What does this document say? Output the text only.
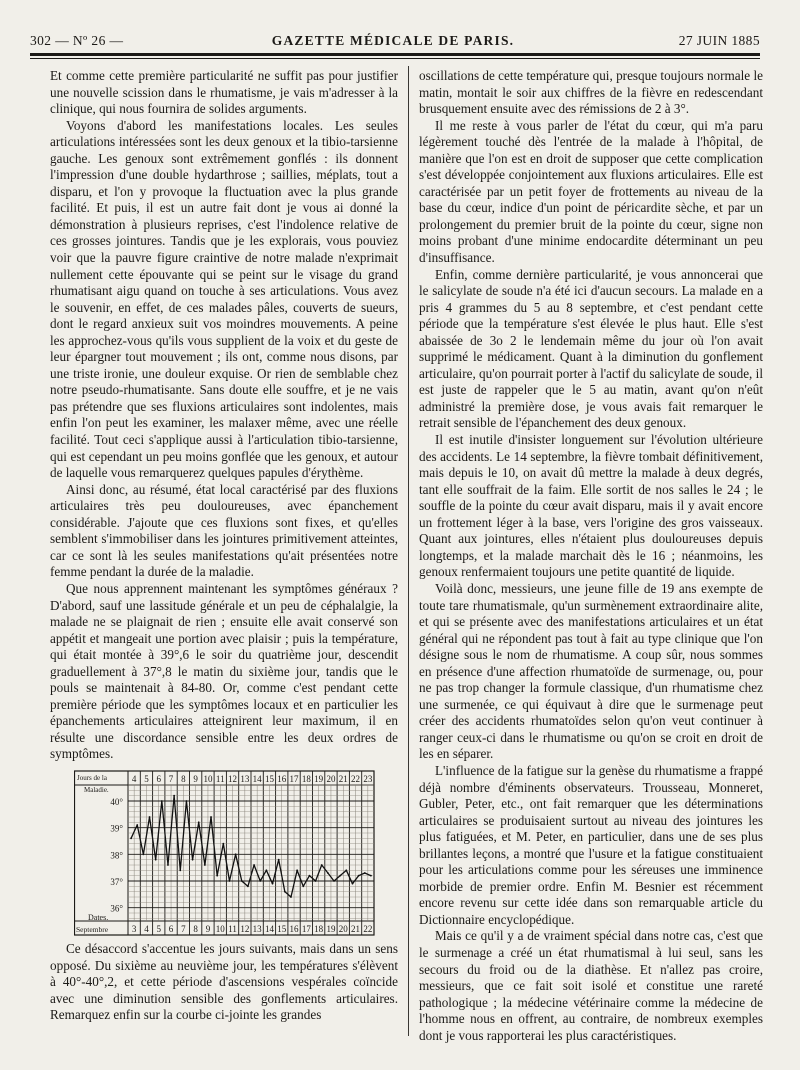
302 — Nº 26 —	GAZETTE MÉDICALE DE PARIS.	27 JUIN 1885

Et comme cette première particularité ne suffit pas pour justifier une nouvelle scission dans le rhumatisme, je vais m'adresser à la clinique, qui nous fournira de solides arguments.

Voyons d'abord les manifestations locales. Les seules articulations intéressées sont les deux genoux et la tibio-tarsienne gauche. Les genoux sont extrêmement gonflés : ils donnent l'impression d'une double hydarthrose ; saillies, méplats, tout a disparu, et l'on y provoque la fluctuation avec la plus grande facilité. Et puis, il est un autre fait dont je vous ai donné la démonstration à plusieurs reprises, c'est l'indolence relative de ces grosses jointures. Tandis que je les explorais, vous pouviez voir que la pauvre figure craintive de notre malade n'exprimait nullement cette épouvante qui se peint sur le visage du grand rhumatisant aigu quand on touche à ses articulations. Vous avez le souvenir, en effet, de ces malades pâles, couverts de sueurs, dont le regard anxieux suit vos moindres mouvements. A peine les approchez-vous qu'ils vous supplient de la voix et du geste de leur épargner tout mouvement ; ils ont, comme nous disons, par une triste ironie, une douleur exquise. Or rien de semblable chez notre pseudo-rhumatisante. Sans doute elle souffre, et je ne vais pas prétendre que ses fluxions articulaires sont indolentes, mais enfin l'on peut les examiner, les malaxer même, avec une réelle facilité. Tout ceci s'applique aussi à l'articulation tibio-tarsienne, qui est cependant un peu moins gonflée que les genoux, et autour de laquelle vous remarquerez quelques papules d'érythème.

Ainsi donc, au résumé, état local caractérisé par des fluxions articulaires très peu douloureuses, avec épanchement considérable. J'ajoute que ces fluxions sont fixes, et qu'elles semblent s'immobiliser dans les jointures primitivement atteintes, car ce sont là les seules manifestations qu'ait présentées notre femme pendant la durée de la maladie.

Que nous apprennent maintenant les symptômes généraux ? D'abord, sauf une lassitude générale et un peu de céphalalgie, la malade ne se plaignait de rien ; ensuite elle avait conservé son appétit et mangeait une portion avec plaisir ; puis la température, qui était montée à 39°,6 le soir du quatrième jour, descendit graduellement à 37°,8 le matin du sixième jour, tandis que le pouls se maintenait à 84-80. Or, comme c'est pendant cette première période que les symptômes locaux et en particulier les épanchements articulaires atteignirent leur maximum, il en résulte une discordance sensible entre les deux ordres de symptômes.

40°
39°
38°
37°
36°
4 5 6 7 8 9 10 11 12 13 14 15 16 17 18 19 20 21 22 23
3 4 5 6 7 8 9 10 11 12 13 14 15 16 17 18 19 20 21 22
Jours de la
Maladie.
Dates.
Septembre

Ce désaccord s'accentue les jours suivants, mais dans un sens opposé. Du sixième au neuvième jour, les températures s'élèvent à 40°-40°,2, et cette période d'ascensions vespérales coïncide avec une diminution sensible des gonflements articulaires. Remarquez enfin sur la courbe ci-jointe les grandes

oscillations de cette température qui, presque toujours normale le matin, montait le soir aux chiffres de la fièvre en redescendant brusquement ensuite avec des rémissions de 2 à 3°.

Il me reste à vous parler de l'état du cœur, qui m'a paru légèrement touché dès l'entrée de la malade à l'hôpital, de manière que l'on est en droit de supposer que cette complication s'est développée conjointement aux fluxions articulaires. Elle est caractérisée par un petit foyer de frottements au niveau de la base du cœur, indice d'un point de péricardite sèche, et par un prolongement du premier bruit de la pointe du cœur, signe non moins probant d'une minime endocardite déterminant un peu d'insuffisance.

Enfin, comme dernière particularité, je vous annoncerai que le salicylate de soude n'a été ici d'aucun secours. La malade en a pris 4 grammes du 5 au 8 septembre, et c'est pendant cette période que la température s'est élevée le plus haut. Elle s'est abaissée de 3o 2 le lendemain même du jour où l'on avait supprimé le médicament. Quant à la diminution du gonflement articulaire, qu'on pourrait porter à l'actif du salicylate de soude, il est juste de rappeler que le 5 au matin, avant qu'on n'eût administré la première dose, je vous avais fait remarquer le retrait sensible de l'épanchement des deux genoux.

Il est inutile d'insister longuement sur l'évolution ultérieure des accidents. Le 14 septembre, la fièvre tombait définitivement, mais depuis le 10, on avait dû mettre la malade à deux degrés, tant elle souffrait de la faim. Elle sortit de nos salles le 24 ; le souffle de la pointe du cœur avait disparu, mais il y avait encore un frottement léger à la base, vers l'origine des gros vaisseaux. Quant aux jointures, elles n'étaient plus douloureuses depuis longtemps, et la malade marchait dès le 16 ; néanmoins, les genoux renfermaient toujours une petite quantité de liquide.

Voilà donc, messieurs, une jeune fille de 19 ans exempte de toute tare rhumatismale, qu'un surmènement extraordinaire alite, et qui se présente avec des manifestations articulaires et un état général qui ne répondent pas tout à fait au type clinique que l'on désigne sous le nom de rhumatisme. A coup sûr, nous sommes en présence d'une affection rhumatoïde de surmenage, ou, pour ne pas trop changer la formule classique, d'un rhumatisme chez une surmenée, ce qui équivaut à dire que le surmenage peut créer des accidents rhumatoïdes selon qu'on veut continuer à ranger ceux-ci dans le rhumatisme ou qu'on se croit en droit de les en séparer.

L'influence de la fatigue sur la genèse du rhumatisme a frappé déjà nombre d'éminents observateurs. Trousseau, Monneret, Gubler, Peter, etc., ont fait remarquer que les déterminations articulaires se produisaient surtout au niveau des jointures les plus fatiguées, et M. Peter, en particulier, dans une de ses plus brillantes leçons, a montré que l'usure et la fatigue constituaient pour les articulations comme pour les séreuses une imminence morbide de premier ordre. Enfin M. Besnier est récemment encore revenu sur cette idée dans son remarquable article du Dictionnaire encyclopédique.

Mais ce qu'il y a de vraiment spécial dans notre cas, c'est que le surmenage a créé un état rhumatismal à lui seul, sans les secours du froid ou de la diathèse. Et n'allez pas croire, messieurs, que ce fait soit isolé et constitue une rareté pathologique ; la médecine vétérinaire comme la médecine de l'homme nous en offrent, au contraire, de nombreux exemples dont je vous rapporterai les plus caractéristiques.
